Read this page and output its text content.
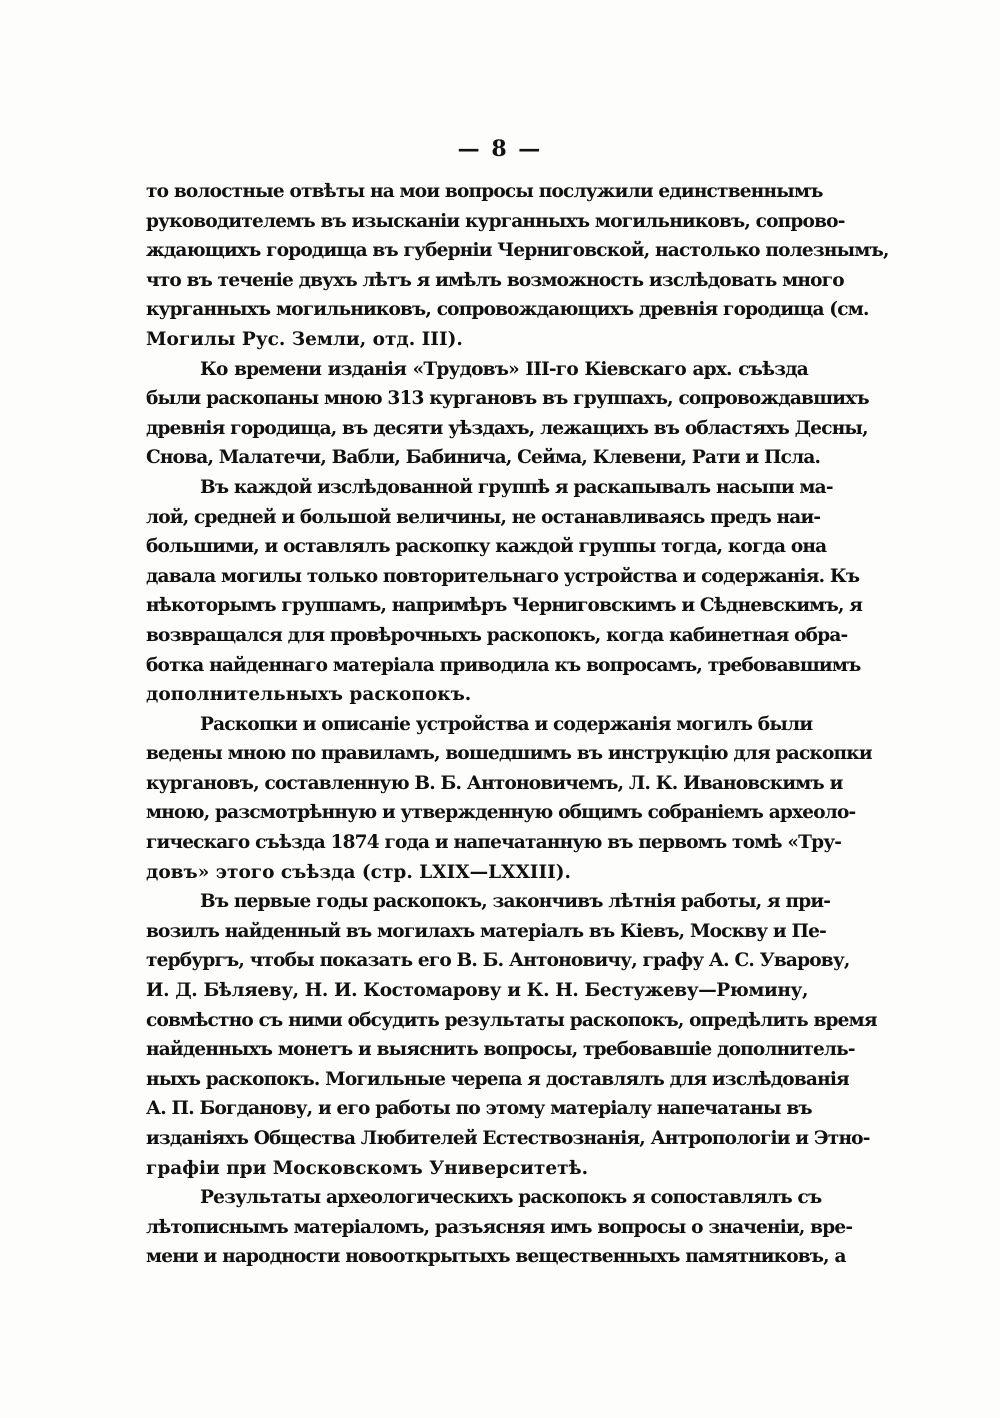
— 8 —
то волостные отвѣты на мои вопросы послужили единственнымъ
руководителемъ въ изысканiи курганныхъ могильниковъ, сопрово-
ждающихъ городища въ губернiи Черниговской, настолько полезнымъ,
что въ теченiе двухъ лѣтъ я имѣлъ возможность изслѣдовать много
курганныхъ могильниковъ, сопровождающихъ древнiя городища (см.
Могилы Рус. Земли, отд. III).
Ко времени изданiя «Трудовъ» III-го Кiевскаго арх. съѣзда
были раскопаны мною 313 кургановъ въ группахъ, сопровождавшихъ
древнiя городища, въ десяти уѣздахъ, лежащихъ въ областяхъ Десны,
Снова, Малатечи, Вабли, Бабинича, Сейма, Клевени, Рати и Псла.
Въ каждой изслѣдованной группѣ я раскапывалъ насыпи ма-
лой, средней и большой величины, не останавливаясь предъ наи-
большими, и оставлялъ раскопку каждой группы тогда, когда она
давала могилы только повторительнаго устройства и содержанiя. Къ
нѣкоторымъ группамъ, напримѣръ Черниговскимъ и Сѣдневскимъ, я
возвращался для провѣрочныхъ раскопокъ, когда кабинетная обра-
ботка найденнаго матерiала приводила къ вопросамъ, требовавшимъ
дополнительныхъ раскопокъ.
Раскопки и описанiе устройства и содержанiя могилъ были
ведены мною по правиламъ, вошедшимъ въ инструкцiю для раскопки
кургановъ, составленную В. Б. Антоновичемъ, Л. К. Ивановскимъ и
мною, разсмотрѣнную и утвержденную общимъ собранiемъ археоло-
гическаго съѣзда 1874 года и напечатанную въ первомъ томѣ «Тру-
довъ» этого съѣзда (стр. LXIX—LXXIII).
Въ первые годы раскопокъ, закончивъ лѣтнiя работы, я при-
возилъ найденный въ могилахъ матерiалъ въ Кiевъ, Москву и Пе-
тербургъ, чтобы показать его В. Б. Антоновичу, графу А. С. Уварову,
И. Д. Бѣляеву, Н. И. Костомарову и К. Н. Бестужеву—Рюмину,
совмѣстно съ ними обсудить результаты раскопокъ, опредѣлить время
найденныхъ монетъ и выяснить вопросы, требовавшiе дополнитель-
ныхъ раскопокъ. Могильные черепа я доставлялъ для изслѣдованiя
А. П. Богданову, и его работы по этому матерiалу напечатаны въ
изданiяхъ Общества Любителей Естествознанiя, Антропологiи и Этно-
графiи при Московскомъ Университетѣ.
Результаты археологическихъ раскопокъ я сопоставлялъ съ
лѣтописнымъ матерiаломъ, разъясняя имъ вопросы о значенiи, вре-
мени и народности новооткрытыхъ вещественныхъ памятниковъ, а
